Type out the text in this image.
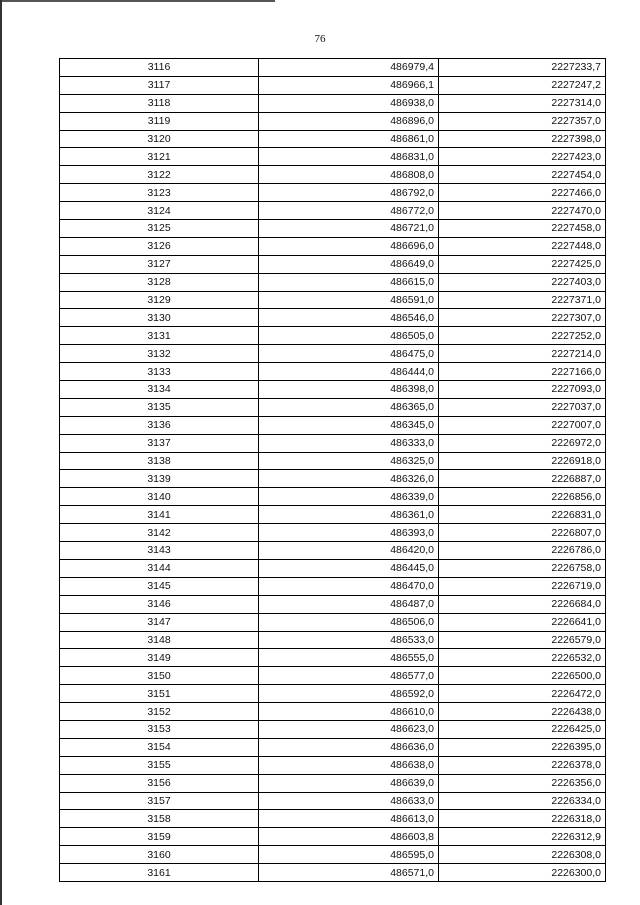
76
3116	486979,4	2227233,7
3117	486966,1	2227247,2
3118	486938,0	2227314,0
3119	486896,0	2227357,0
3120	486861,0	2227398,0
3121	486831,0	2227423,0
3122	486808,0	2227454,0
3123	486792,0	2227466,0
3124	486772,0	2227470,0
3125	486721,0	2227458,0
3126	486696,0	2227448,0
3127	486649,0	2227425,0
3128	486615,0	2227403,0
3129	486591,0	2227371,0
3130	486546,0	2227307,0
3131	486505,0	2227252,0
3132	486475,0	2227214,0
3133	486444,0	2227166,0
3134	486398,0	2227093,0
3135	486365,0	2227037,0
3136	486345,0	2227007,0
3137	486333,0	2226972,0
3138	486325,0	2226918,0
3139	486326,0	2226887,0
3140	486339,0	2226856,0
3141	486361,0	2226831,0
3142	486393,0	2226807,0
3143	486420,0	2226786,0
3144	486445,0	2226758,0
3145	486470,0	2226719,0
3146	486487,0	2226684,0
3147	486506,0	2226641,0
3148	486533,0	2226579,0
3149	486555,0	2226532,0
3150	486577,0	2226500,0
3151	486592,0	2226472,0
3152	486610,0	2226438,0
3153	486623,0	2226425,0
3154	486636,0	2226395,0
3155	486638,0	2226378,0
3156	486639,0	2226356,0
3157	486633,0	2226334,0
3158	486613,0	2226318,0
3159	486603,8	2226312,9
3160	486595,0	2226308,0
3161	486571,0	2226300,0
